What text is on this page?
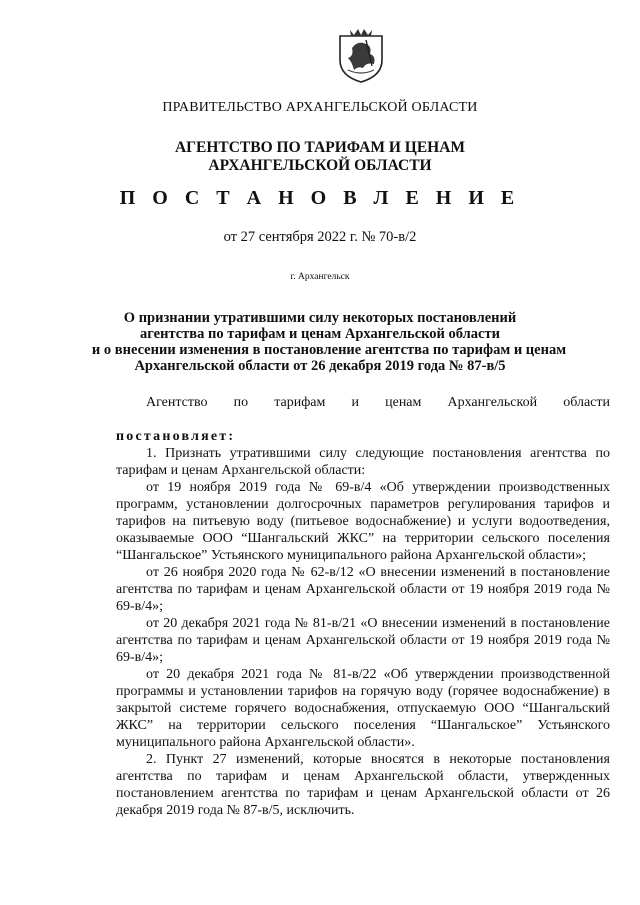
ПРАВИТЕЛЬСТВО АРХАНГЕЛЬСКОЙ ОБЛАСТИ
АГЕНТСТВО ПО ТАРИФАМ И ЦЕНАМ
АРХАНГЕЛЬСКОЙ ОБЛАСТИ
П О С Т А Н О В Л Е Н И Е
от 27 сентября 2022 г. № 70-в/2
г. Архангельск
О признании утратившими силу некоторых постановлений
агентства по тарифам и ценам Архангельской области
и о внесении изменения в постановление агентства по тарифам и ценам
Архангельской области от 26 декабря 2019 года № 87-в/5

Агентство по тарифам и ценам Архангельской области

постановляет:

1. Признать утратившими силу следующие постановления агентства по тарифам и ценам Архангельской области:

от 19 ноября 2019 года № 69-в/4 «Об утверждении производственных программ, установлении долгосрочных параметров регулирования тарифов и тарифов на питьевую воду (питьевое водоснабжение) и услуги водоотведения, оказываемые ООО “Шангальский ЖКС” на территории сельского поселения “Шангальское” Устьянского муниципального района Архангельской области»;

от 26 ноября 2020 года № 62-в/12 «О внесении изменений в постановление агентства по тарифам и ценам Архангельской области от 19 ноября 2019 года № 69-в/4»;

от 20 декабря 2021 года № 81-в/21 «О внесении изменений в постановление агентства по тарифам и ценам Архангельской области от 19 ноября 2019 года № 69-в/4»;

от 20 декабря 2021 года № 81-в/22 «Об утверждении производственной программы и установлении тарифов на горячую воду (горячее водоснабжение) в закрытой системе горячего водоснабжения, отпускаемую ООО “Шангальский ЖКС” на территории сельского поселения “Шангальское” Устьянского муниципального района Архангельской области».

2. Пункт 27 изменений, которые вносятся в некоторые постановления агентства по тарифам и ценам Архангельской области, утвержденных постановлением агентства по тарифам и ценам Архангельской области от 26 декабря 2019 года № 87-в/5, исключить.
